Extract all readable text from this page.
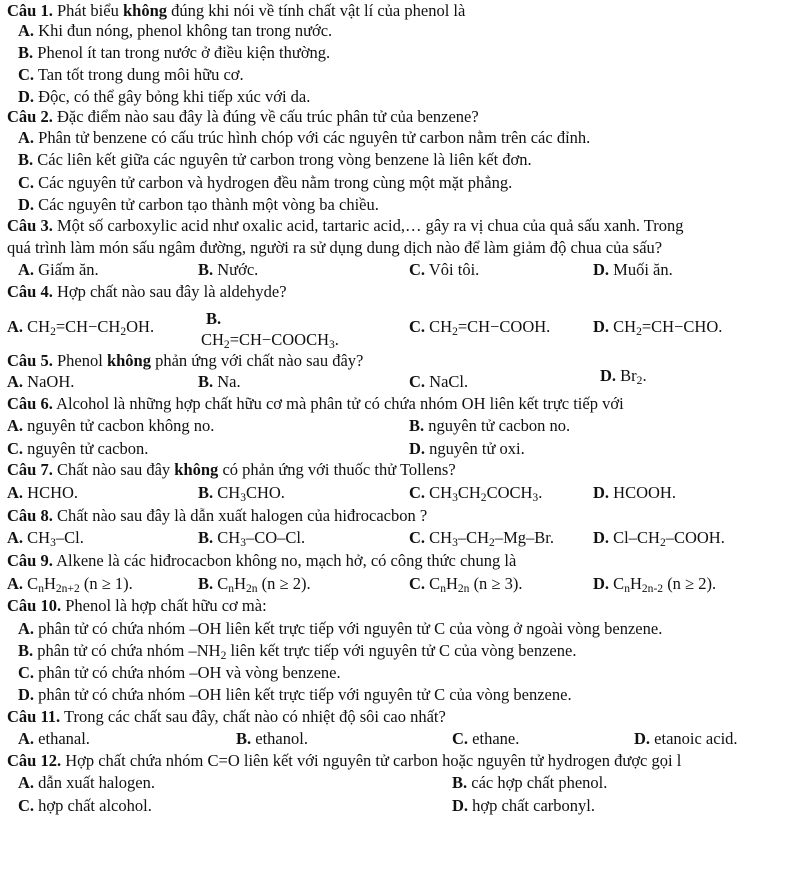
Câu 1. Phát biểu không đúng khi nói về tính chất vật lí của phenol là
A. Khi đun nóng, phenol không tan trong nước.
B. Phenol ít tan trong nước ở điều kiện thường.
C. Tan tốt trong dung môi hữu cơ.
D. Độc, có thể gây bỏng khi tiếp xúc với da.
Câu 2. Đặc điểm nào sau đây là đúng về cấu trúc phân tử của benzene?
A. Phân tử benzene có cấu trúc hình chóp với các nguyên tử carbon nằm trên các đỉnh.
B. Các liên kết giữa các nguyên tử carbon trong vòng benzene là liên kết đơn.
C. Các nguyên tử carbon và hydrogen đều nằm trong cùng một mặt phẳng.
D. Các nguyên tử carbon tạo thành một vòng ba chiều.
Câu 3. Một số carboxylic acid như oxalic acid, tartaric acid,… gây ra vị chua của quả sấu xanh. Trong
quá trình làm món sấu ngâm đường, người ra sử dụng dung dịch nào để làm giảm độ chua của sấu?
A. Giấm ăn.	B. Nước.	C. Vôi tôi.	D. Muối ăn.
Câu 4. Hợp chất nào sau đây là aldehyde?
A. $CH_2=CH-CH_2OH$.	B.
$CH_2=CH-COOCH_3$.
C. $CH_2=CH-COOH$.	D. $CH_2=CH-CHO$.
Câu 5. Phenol không phản ứng với chất nào sau đây?
A. NaOH.	B. Na.	C. NaCl.	D. $Br_2$.
Câu 6. Alcohol là những hợp chất hữu cơ mà phân tử có chứa nhóm OH liên kết trực tiếp với
A. nguyên tử cacbon không no.	B. nguyên tử cacbon no.
C. nguyên tử cacbon.	D. nguyên tử oxi.
Câu 7. Chất nào sau đây không có phản ứng với thuốc thử Tollens?
A. HCHO.	B. $CH_3CHO$.	C. $CH_3CH_2COCH_3$.	D. HCOOH.
Câu 8. Chất nào sau đây là dẫn xuất halogen của hiđrocacbon ?
A. $CH_3-Cl$.	B. $CH_3-CO-Cl$.	C. $CH_3-CH_2-Mg-Br$. D. $Cl-CH_2$–COOH.
Câu 9. Alkene là các hiđrocacbon không no, mạch hở, có công thức chung là
A. $C_nH_{2n+2}$ (n ≥ 1).	B. $C_nH_{2n}$ (n ≥ 2).	C. $C_nH_{2n}$ (n ≥ 3).	D. $C_nH_{2n-2}$ (n ≥ 2).
Câu 10. Phenol là hợp chất hữu cơ mà:
A. phân tử có chứa nhóm –OH liên kết trực tiếp với nguyên tử C của vòng ở ngoài vòng benzene.
B. phân tử có chứa nhóm $-NH_2$ liên kết trực tiếp với nguyên tử C của vòng benzene.
C. phân tử có chứa nhóm –OH và vòng benzene.
D. phân tử có chứa nhóm –OH liên kết trực tiếp với nguyên tử C của vòng benzene.
Câu 11. Trong các chất sau đây, chất nào có nhiệt độ sôi cao nhất?
A. ethanal.	B. ethanol.	C. ethane.	D. etanoic acid.
Câu 12. Hợp chất chứa nhóm C=O liên kết với nguyên tử carbon hoặc nguyên tử hydrogen được gọi l
A. dẫn xuất halogen.	B. các hợp chất phenol.
C. hợp chất alcohol.	D. hợp chất carbonyl.
